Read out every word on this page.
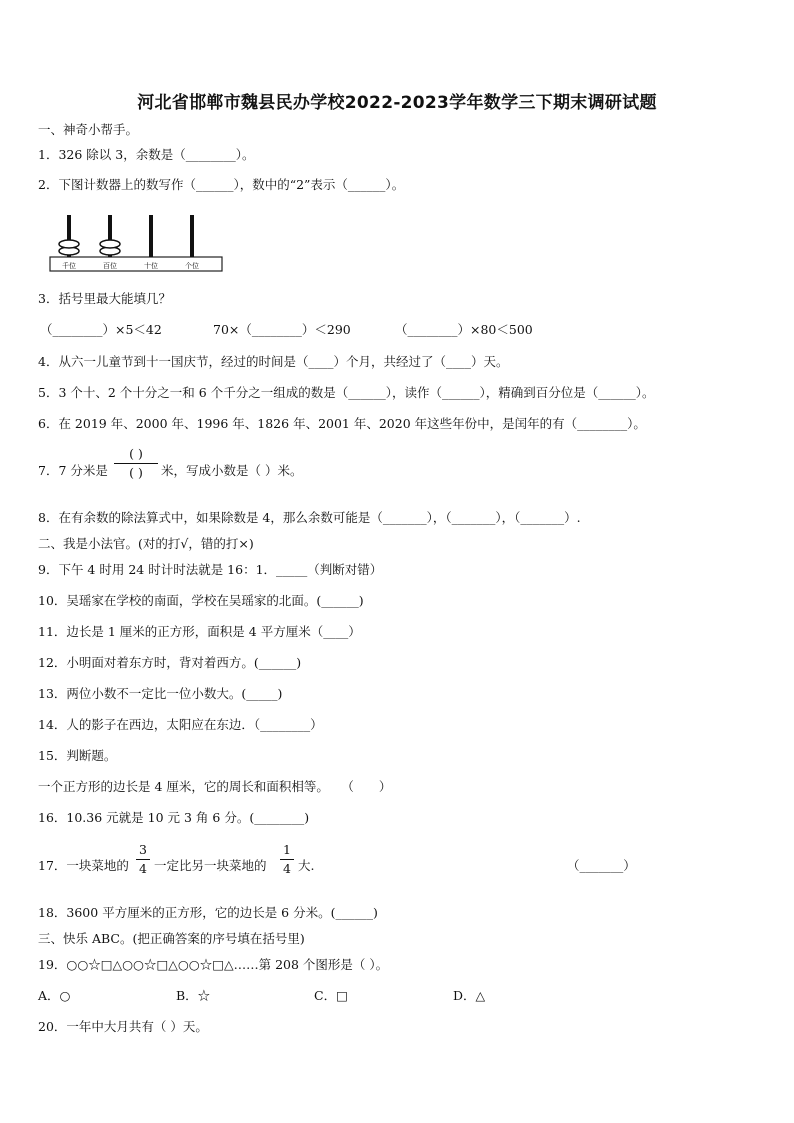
河北省邯郸市魏县民办学校2022-2023学年数学三下期末调研试题
一、神奇小帮手。
1．326 除以 3，余数是（________）。
2．下图计数器上的数写作（______），数中的“2”表示（______）。
千位	百位	十位	个位
3．括号里最大能填几？
（________）×5＜42	70×（________）＜290	（________）×80＜500
4．从六一儿童节到十一国庆节，经过的时间是（____）个月，共经过了（____）天。
5．3 个十、2 个十分之一和 6 个千分之一组成的数是（______），读作（______），精确到百分位是（______）。
6．在 2019 年、2000 年、1996 年、1826 年、2001 年、2020 年这些年份中，是闰年的有（________）。
7．7 分米是
( )
( )	米，写成小数是（ ）米。
8．在有余数的除法算式中，如果除数是 4，那么余数可能是（_______），（_______），（_______）.
二、我是小法官。(对的打√，错的打×)
9．下午 4 时用 24 时计时法就是 16：1．_____（判断对错）
10．吴瑶家在学校的南面，学校在吴瑶家的北面。(______)
11．边长是 1 厘米的正方形，面积是 4 平方厘米（____）
12．小明面对着东方时，背对着西方。(______)
13．两位小数不一定比一位小数大。(_____)
14．人的影子在西边，太阳应在东边．（________）
15．判断题。
一个正方形的边长是 4 厘米，它的周长和面积相等。　　（　　）
16．10.36 元就是 10 元 3 角 6 分。(________)
17．一块菜地的
3
4 一定比另一块菜地的
1
4 大.	（_______）
18．3600 平方厘米的正方形，它的边长是 6 分米。(______)
三、快乐 ABC。(把正确答案的序号填在括号里)
19．○○☆□△○○☆□△○○☆□△……第 208 个图形是（ ）。
A．○	B．☆	C．□	D．△
20．一年中大月共有（ ）天。
